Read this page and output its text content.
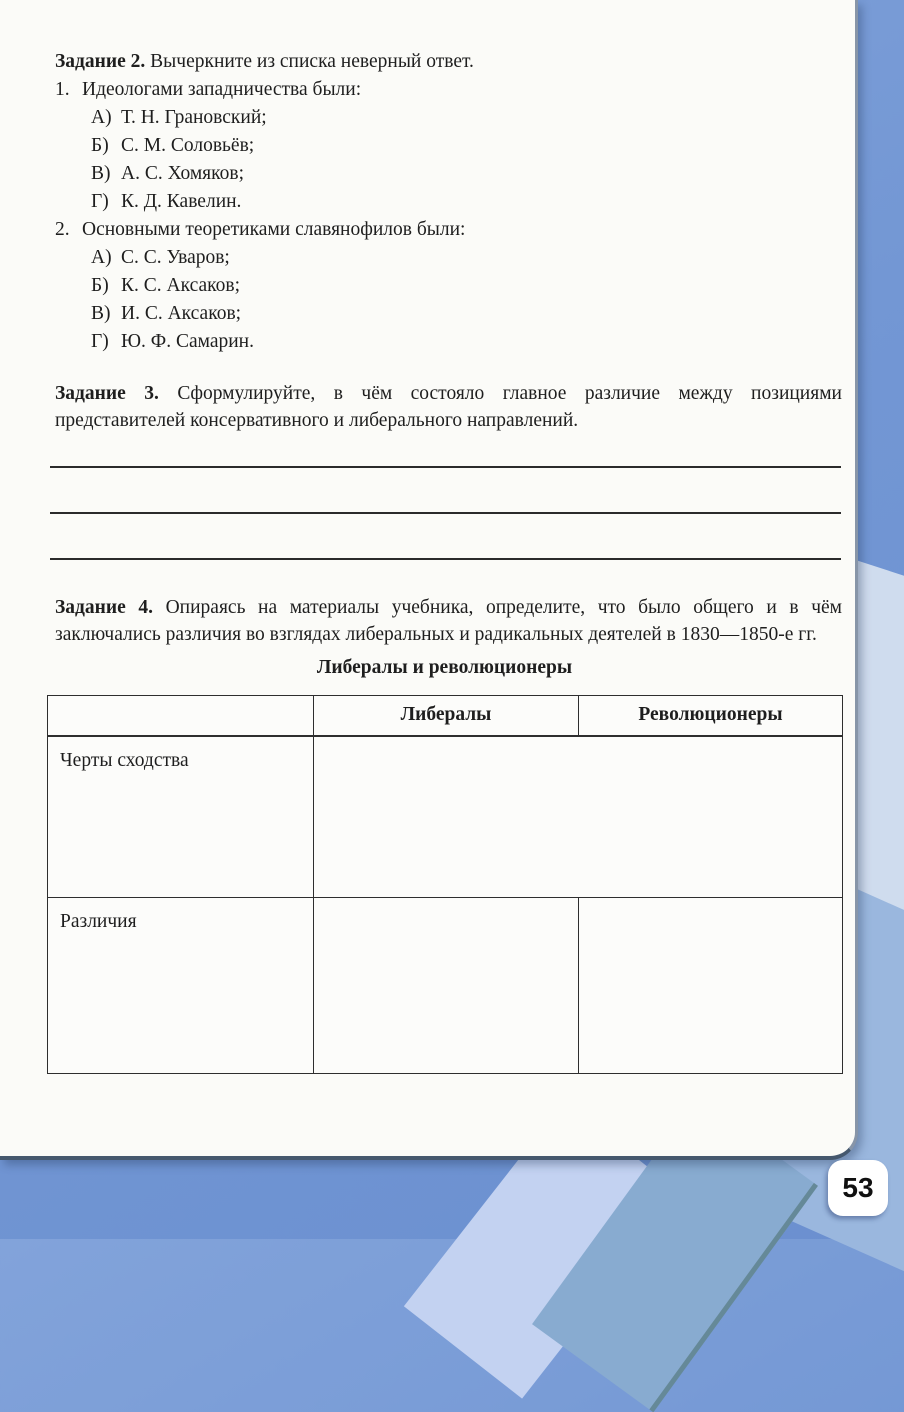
Задание 2. Вычеркните из списка неверный ответ.
1. Идеологами западничества были:
А) Т. Н. Грановский;
Б) С. М. Соловьёв;
В) А. С. Хомяков;
Г) К. Д. Кавелин.
2. Основными теоретиками славянофилов были:
А) С. С. Уваров;
Б) К. С. Аксаков;
В) И. С. Аксаков;
Г) Ю. Ф. Самарин.

Задание 3. Сформулируйте, в чём состояло главное различие между позициями представителей консервативного и либерального направлений.

Задание 4. Опираясь на материалы учебника, определите, что было общего и в чём заключались различия во взглядах либеральных и радикальных деятелей в 1830—1850-е гг.

Либералы и революционеры
	Либералы	Революционеры
Черты сходства		
Различия		
53
